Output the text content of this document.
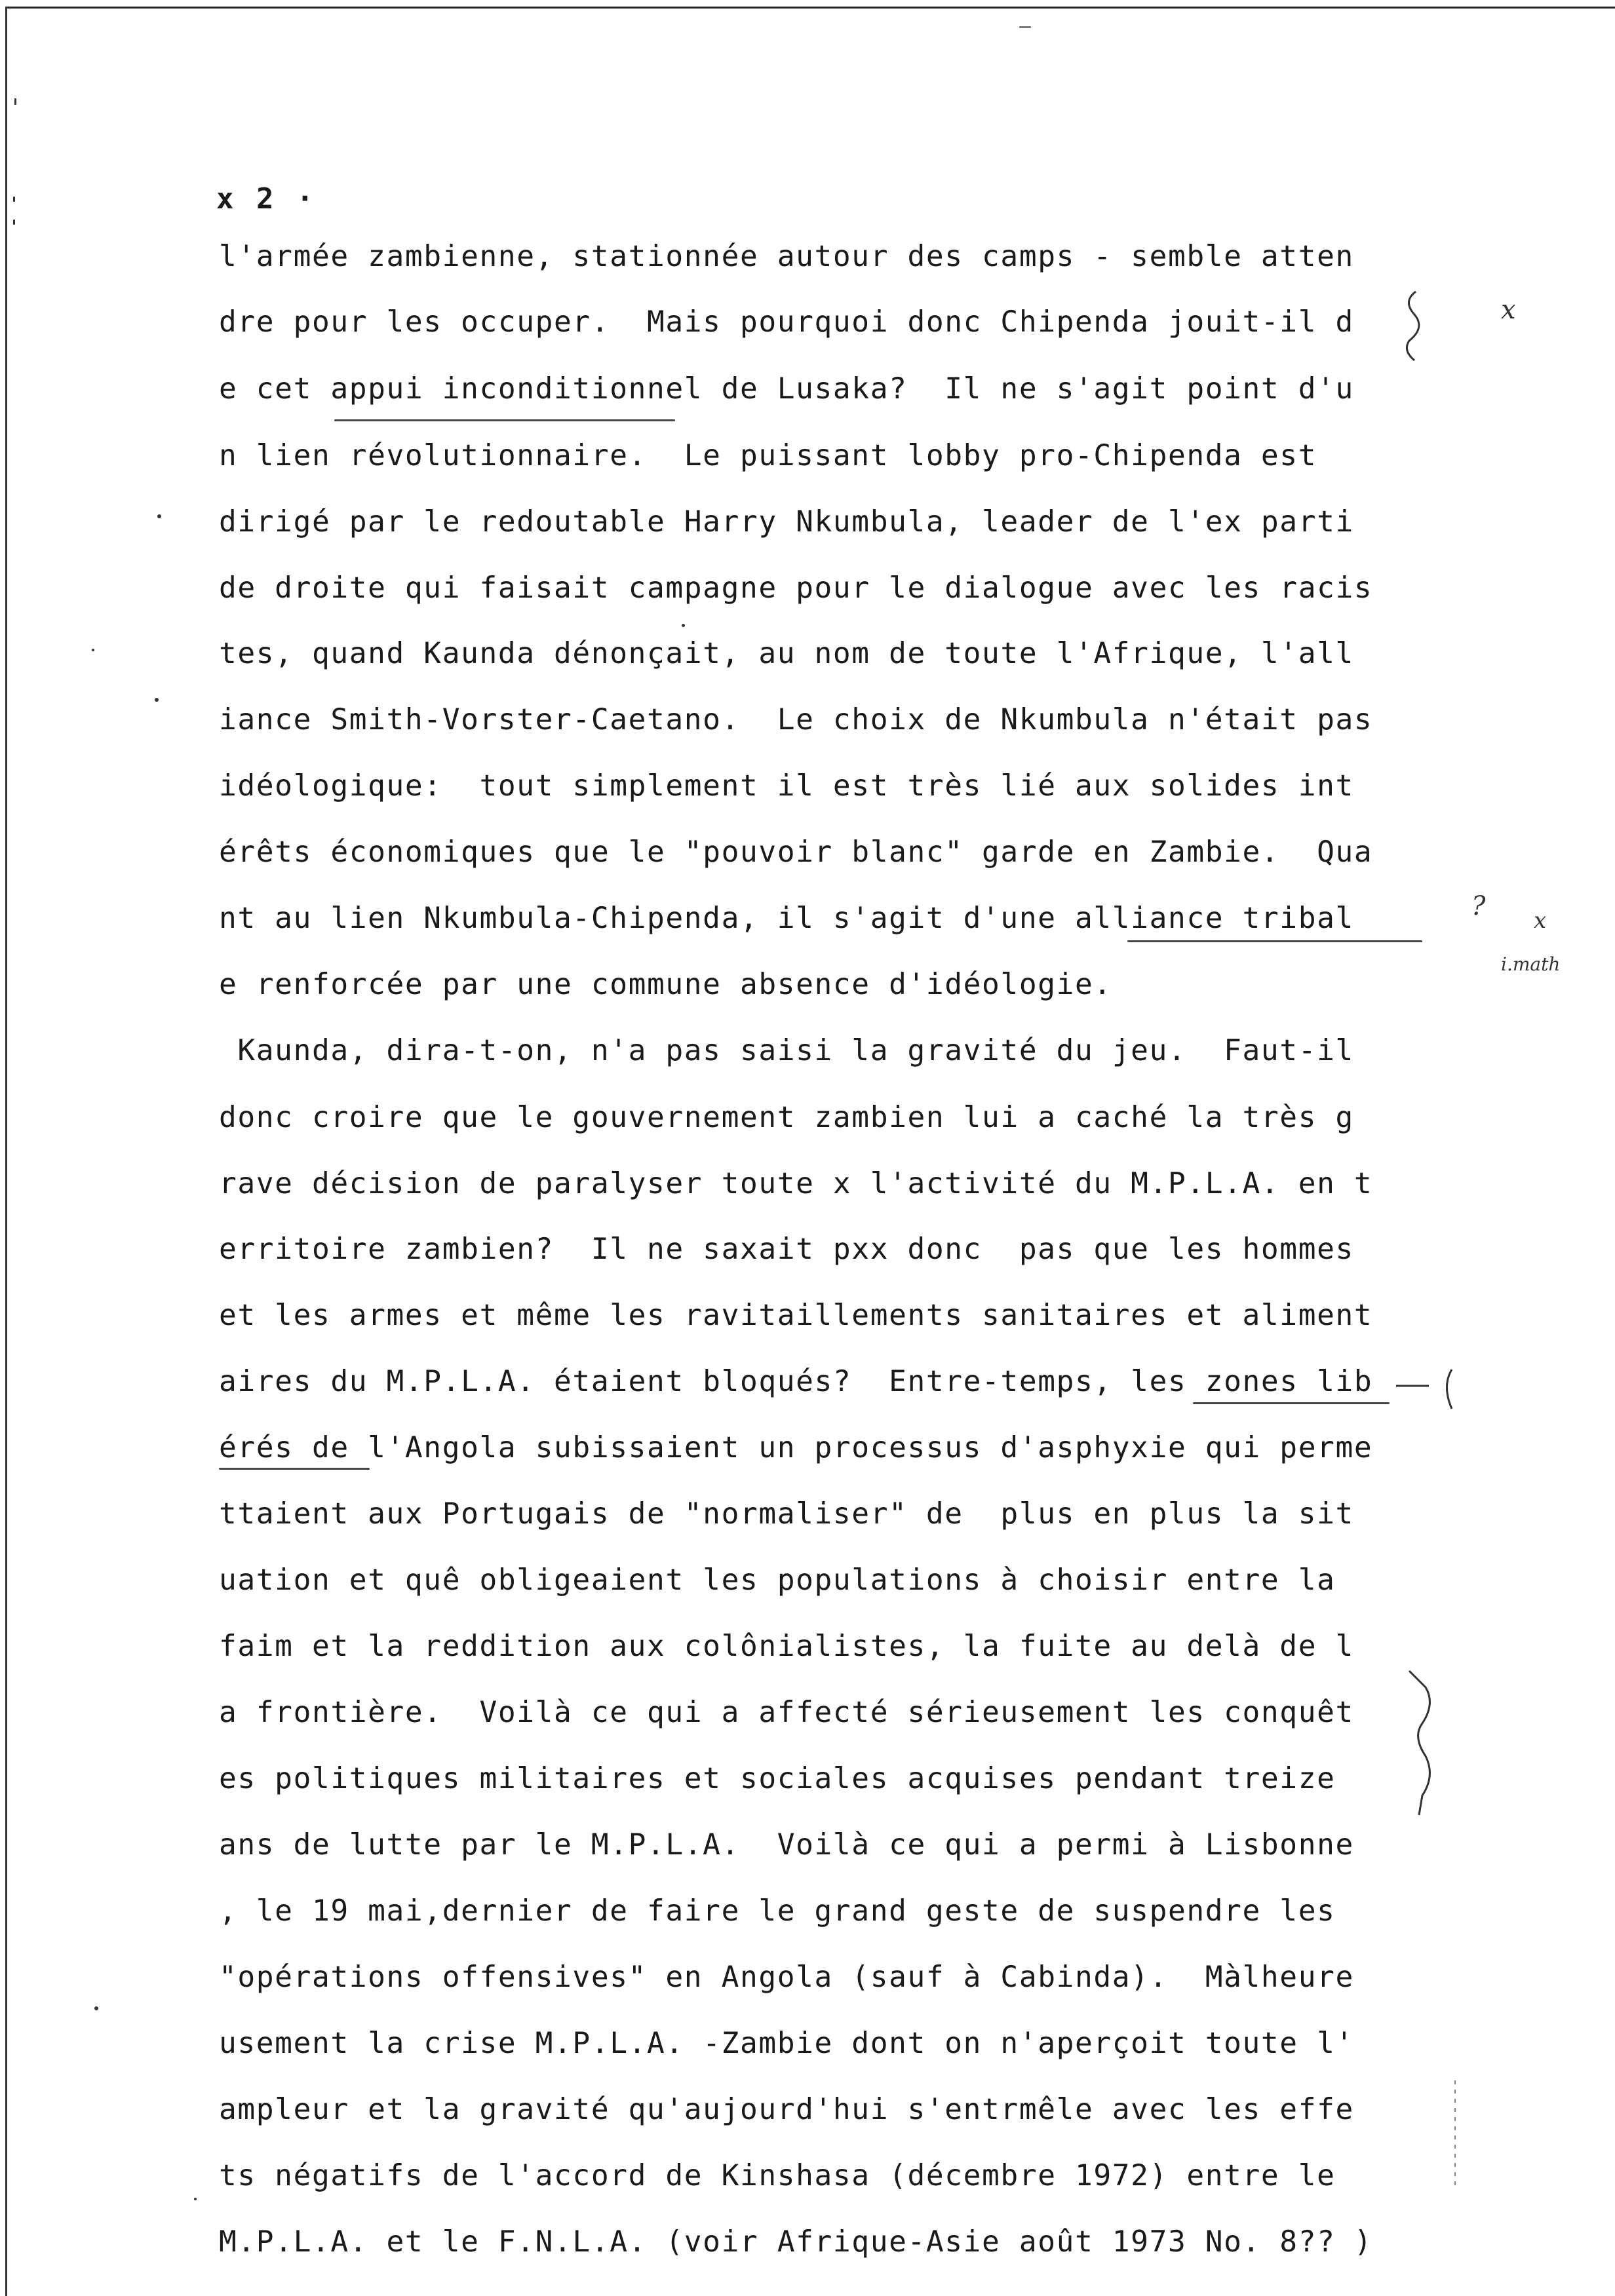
x 2 ·
l'armée zambienne, stationnée autour des camps - semble atten
dre pour les occuper.  Mais pourquoi donc Chipenda jouit-il d
e cet appui inconditionnel de Lusaka?  Il ne s'agit point d'u
n lien révolutionnaire.  Le puissant lobby pro-Chipenda est
dirigé par le redoutable Harry Nkumbula, leader de l'ex parti
de droite qui faisait campagne pour le dialogue avec les racis
tes, quand Kaunda dénonçait, au nom de toute l'Afrique, l'all
iance Smith-Vorster-Caetano.  Le choix de Nkumbula n'était pas
idéologique:  tout simplement il est très lié aux solides int
érêts économiques que le "pouvoir blanc" garde en Zambie.  Qua
nt au lien Nkumbula-Chipenda, il s'agit d'une alliance tribal
e renforcée par une commune absence d'idéologie.
Kaunda, dira-t-on, n'a pas saisi la gravité du jeu.  Faut-il
donc croire que le gouvernement zambien lui a caché la très g
rave décision de paralyser toute x l'activité du M.P.L.A. en t
erritoire zambien?  Il ne saxait pxx donc  pas que les hommes
et les armes et même les ravitaillements sanitaires et aliment
aires du M.P.L.A. étaient bloqués?  Entre-temps, les zones lib
érés de l'Angola subissaient un processus d'asphyxie qui perme
ttaient aux Portugais de "normaliser" de  plus en plus la sit
uation et quê obligeaient les populations à choisir entre la
faim et la reddition aux colônialistes, la fuite au delà de l
a frontière.  Voilà ce qui a affecté sérieusement les conquêt
es politiques militaires et sociales acquises pendant treize
ans de lutte par le M.P.L.A.  Voilà ce qui a permi à Lisbonne
, le 19 mai,dernier de faire le grand geste de suspendre les
"opérations offensives" en Angola (sauf à Cabinda).  Màlheure
usement la crise M.P.L.A. -Zambie dont on n'aperçoit toute l'
ampleur et la gravité qu'aujourd'hui s'entrmêle avec les effe
ts négatifs de l'accord de Kinshasa (décembre 1972) entre le
M.P.L.A. et le F.N.L.A. (voir Afrique-Asie août 1973 No. 8?? )
x
? x
i.math
